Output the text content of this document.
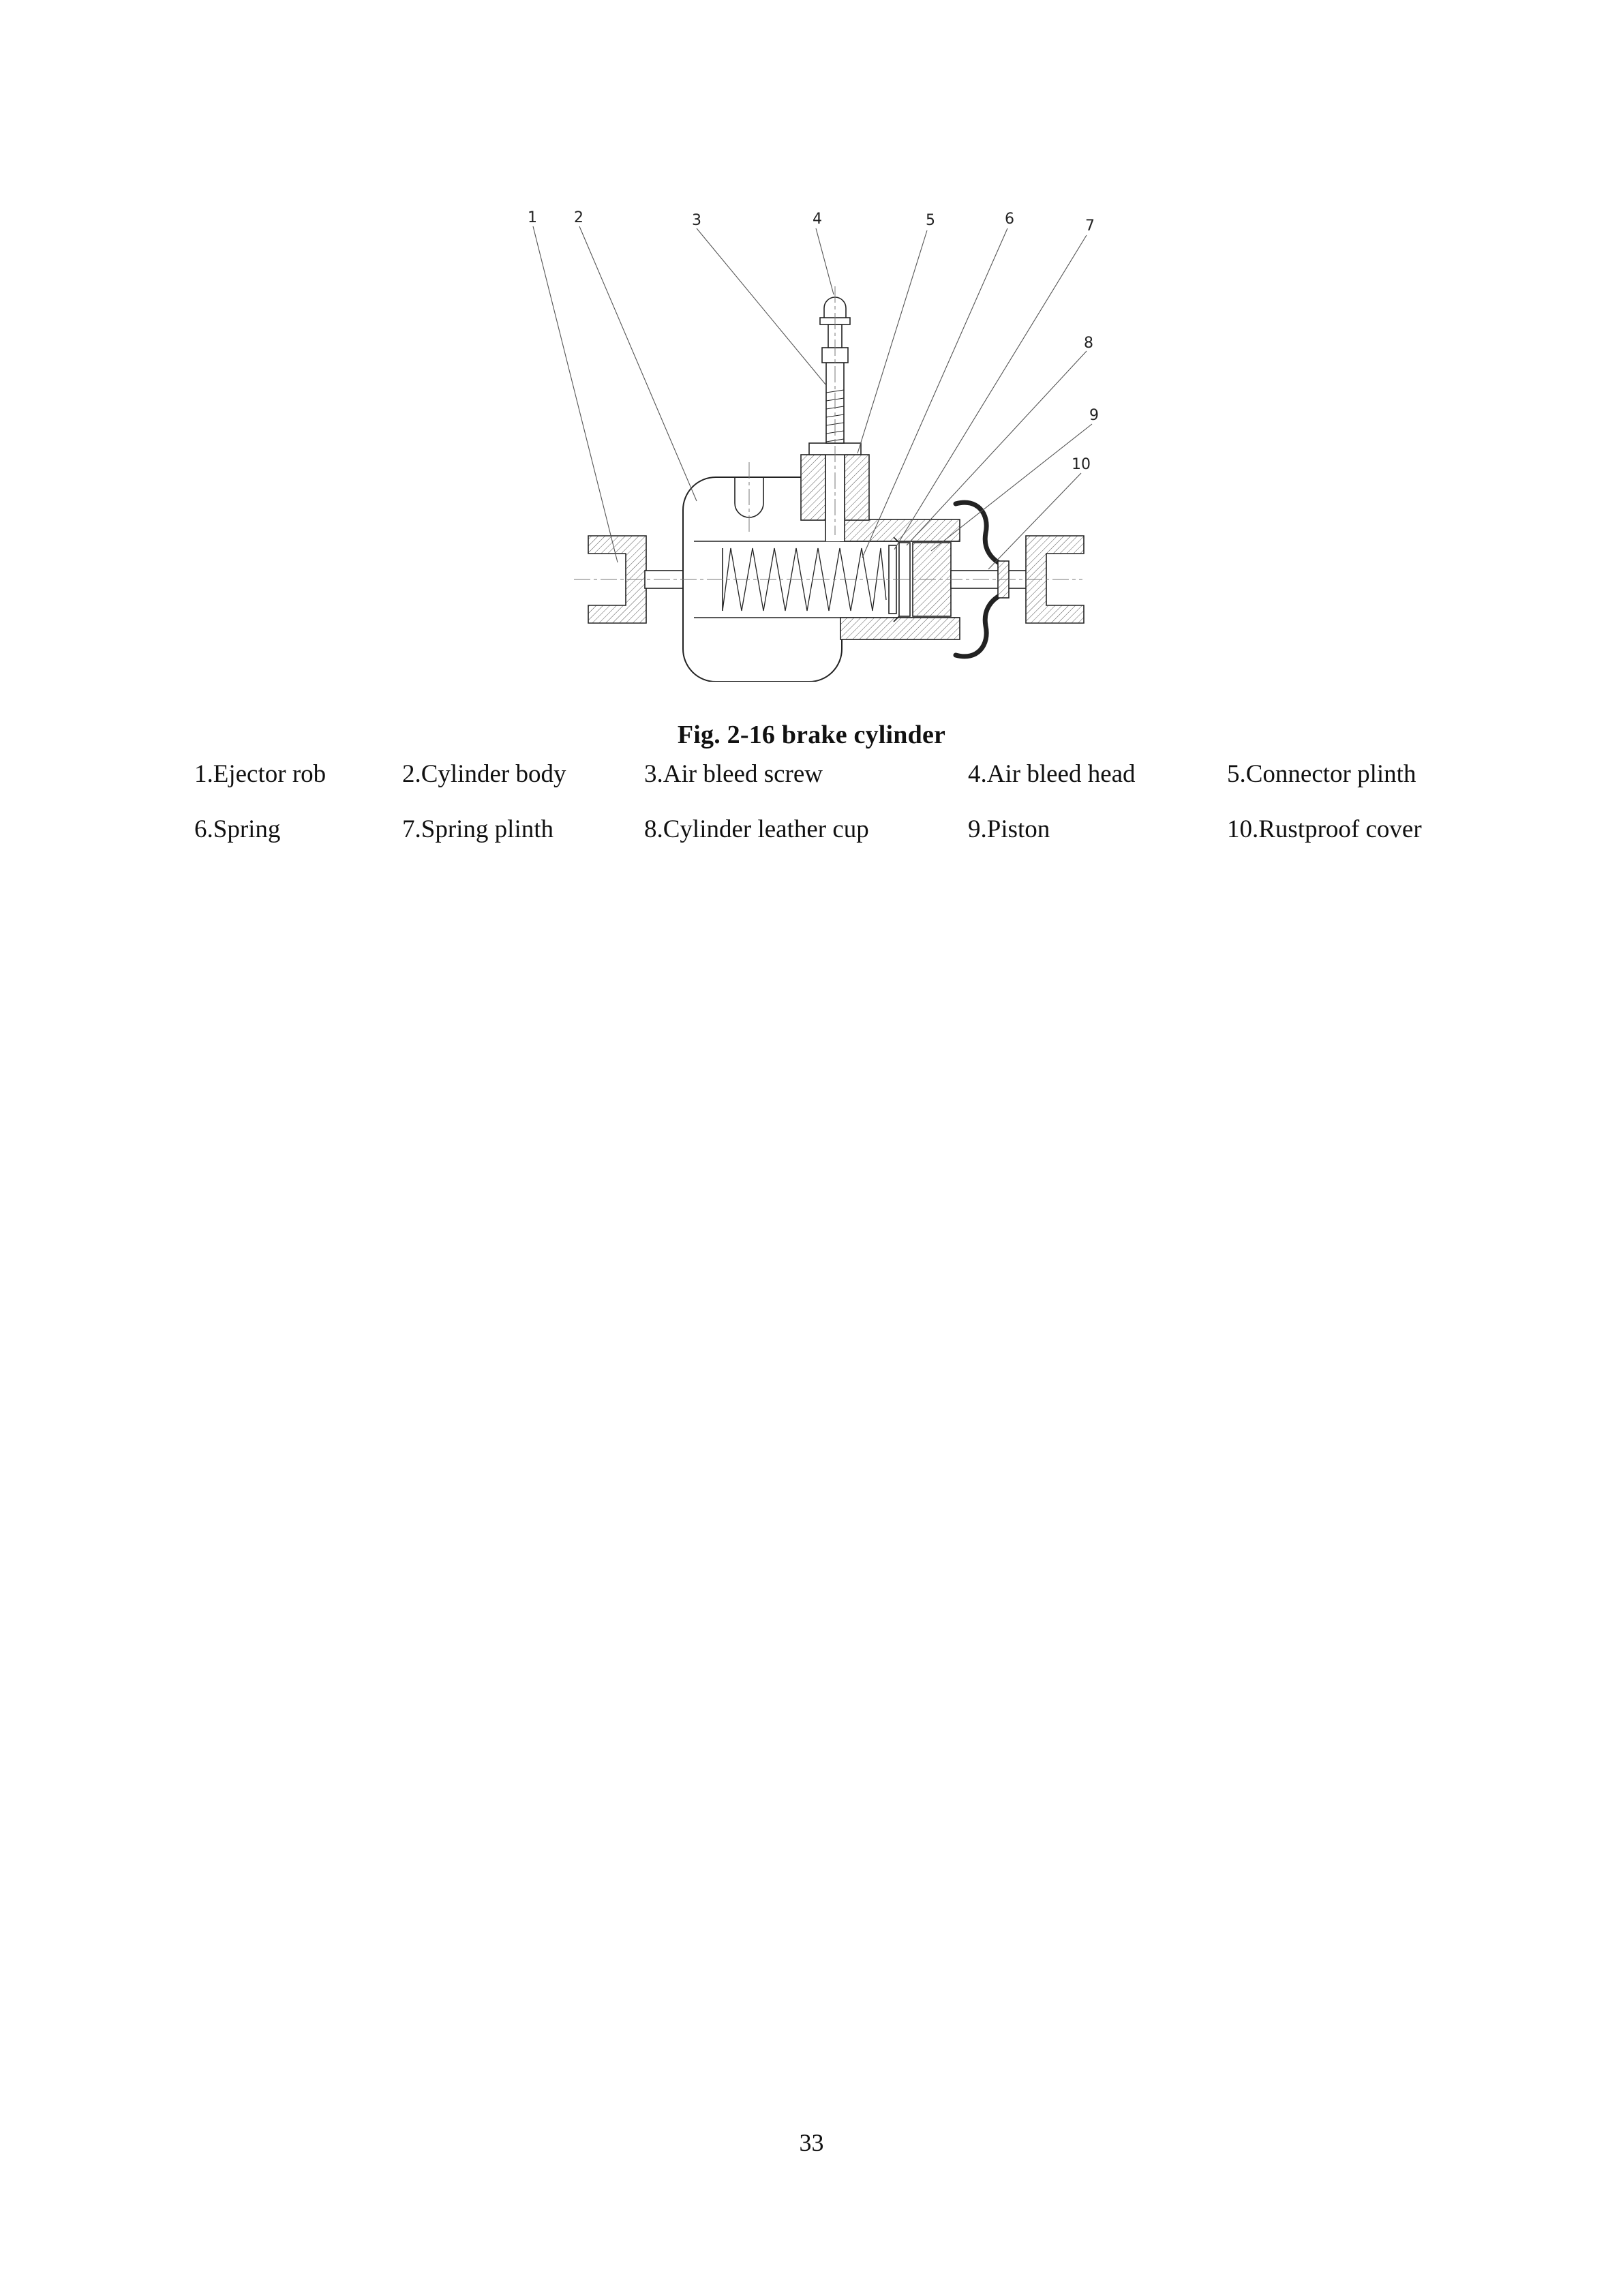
1 2	3	4	5	6	7
8
9
10
Fig. 2-16 brake cylinder
1.Ejector rob	2.Cylinder body	3.Air bleed screw	4.Air bleed head	5.Connector plinth
6.Spring	7.Spring plinth	8.Cylinder leather cup	9.Piston	10.Rustproof cover
33
